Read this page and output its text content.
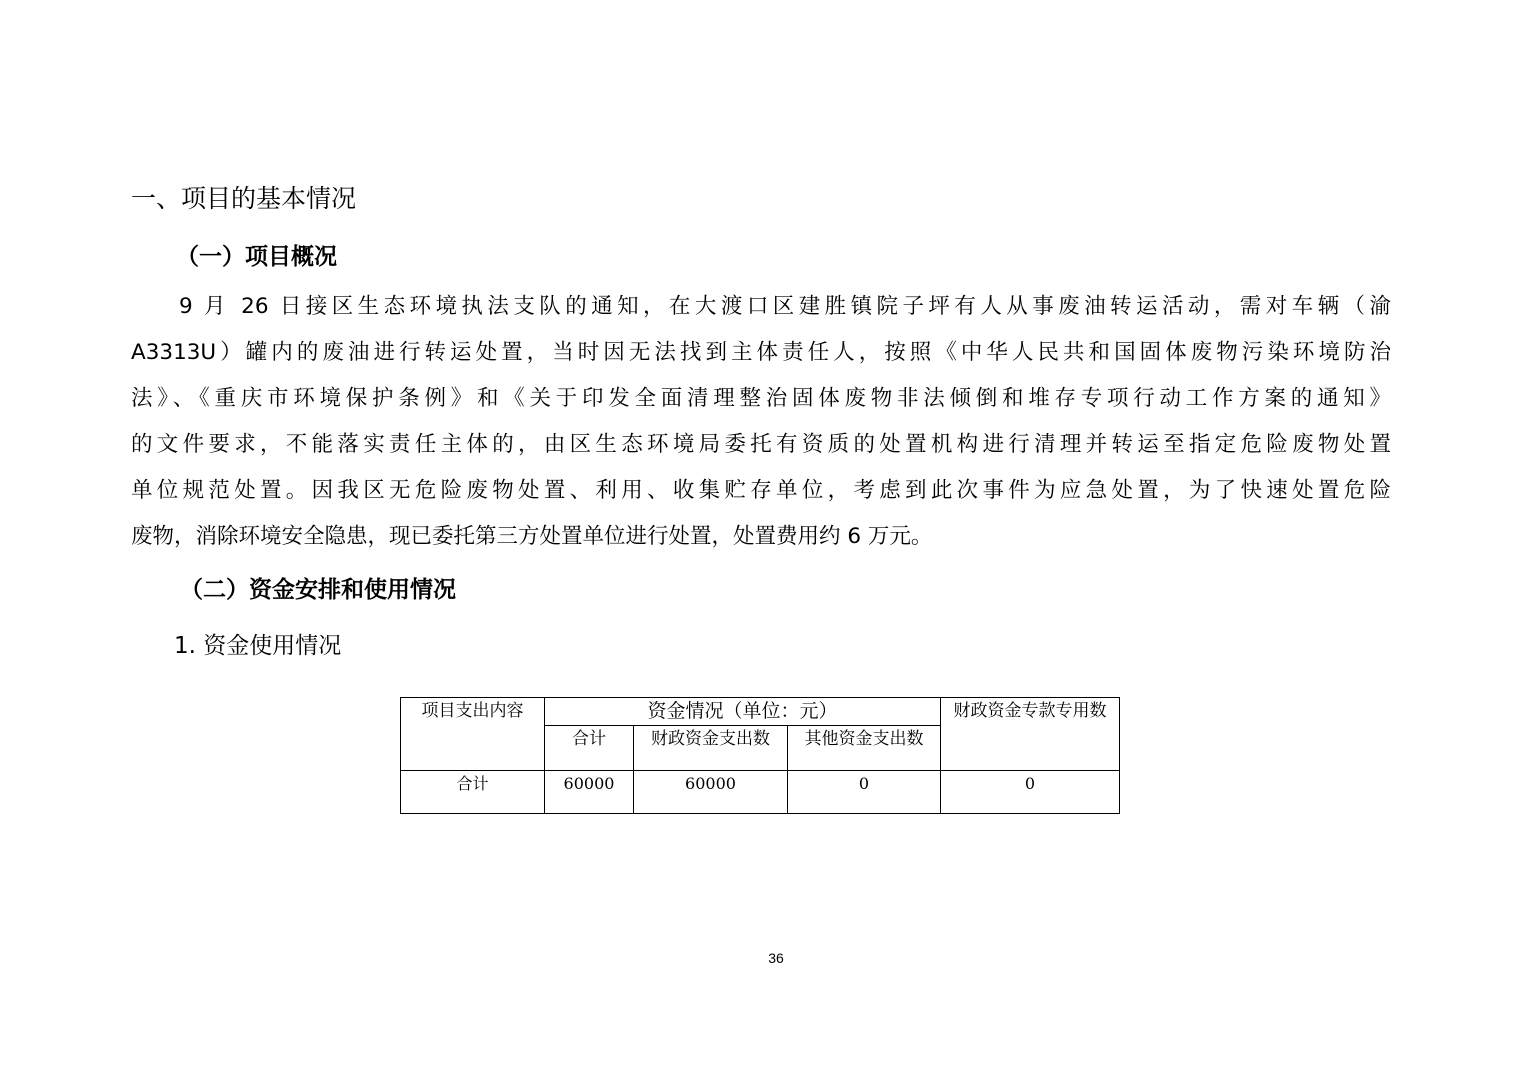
一、项目的基本情况
（一）项目概况
9 月 26 日接区生态环境执法支队的通知，在大渡口区建胜镇院子坪有人从事废油转运活动，需对车辆（渝
A3313U）罐内的废油进行转运处置，当时因无法找到主体责任人，按照《中华人民共和国固体废物污染环境防治
法》、《重庆市环境保护条例》和《关于印发全面清理整治固体废物非法倾倒和堆存专项行动工作方案的通知》
的文件要求，不能落实责任主体的，由区生态环境局委托有资质的处置机构进行清理并转运至指定危险废物处置
单位规范处置。因我区无危险废物处置、利用、收集贮存单位，考虑到此次事件为应急处置，为了快速处置危险
废物，消除环境安全隐患，现已委托第三方处置单位进行处置，处置费用约 6 万元。
（二）资金安排和使用情况
1. 资金使用情况
项目支出内容	资金情况（单位：元）			财政资金专款专用数
	合计	财政资金支出数	其他资金支出数	
合计	60000	60000	0	0
36
